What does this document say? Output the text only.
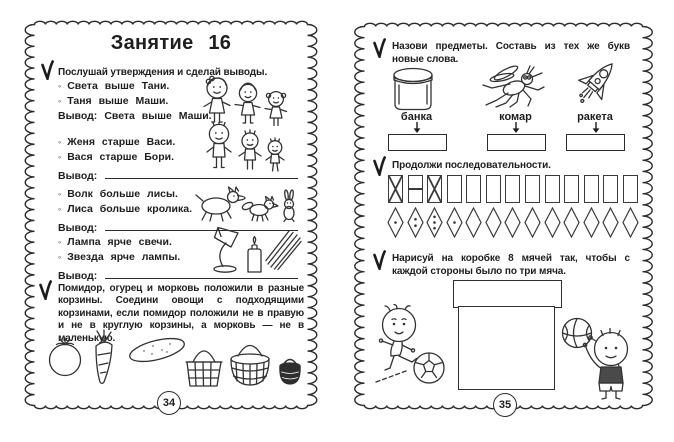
Занятие 16

Послушай утверждения и сделай выводы.

◦ Света выше Тани.
◦ Таня выше Маши.
Вывод: Света выше Маши.
◦ Женя старше Васи.
◦ Вася старше Бори.
Вывод:
◦ Волк больше лисы.
◦ Лиса больше кролика.
Вывод:
◦ Лампа ярче свечи.
◦ Звезда ярче лампы.
Вывод:

Помидор, огурец и морковь положили в разные корзины. Соедини овощи с подходящими корзинами, если помидор положили не в правую и не в круглую корзины, а морковь — не в маленькую.

34

Назови предметы. Составь из тех же букв новые слова.

банка	комар	ракета

Продолжи последовательности.

Нарисуй на коробке 8 мячей так, чтобы с каждой стороны было по три мяча.

35
